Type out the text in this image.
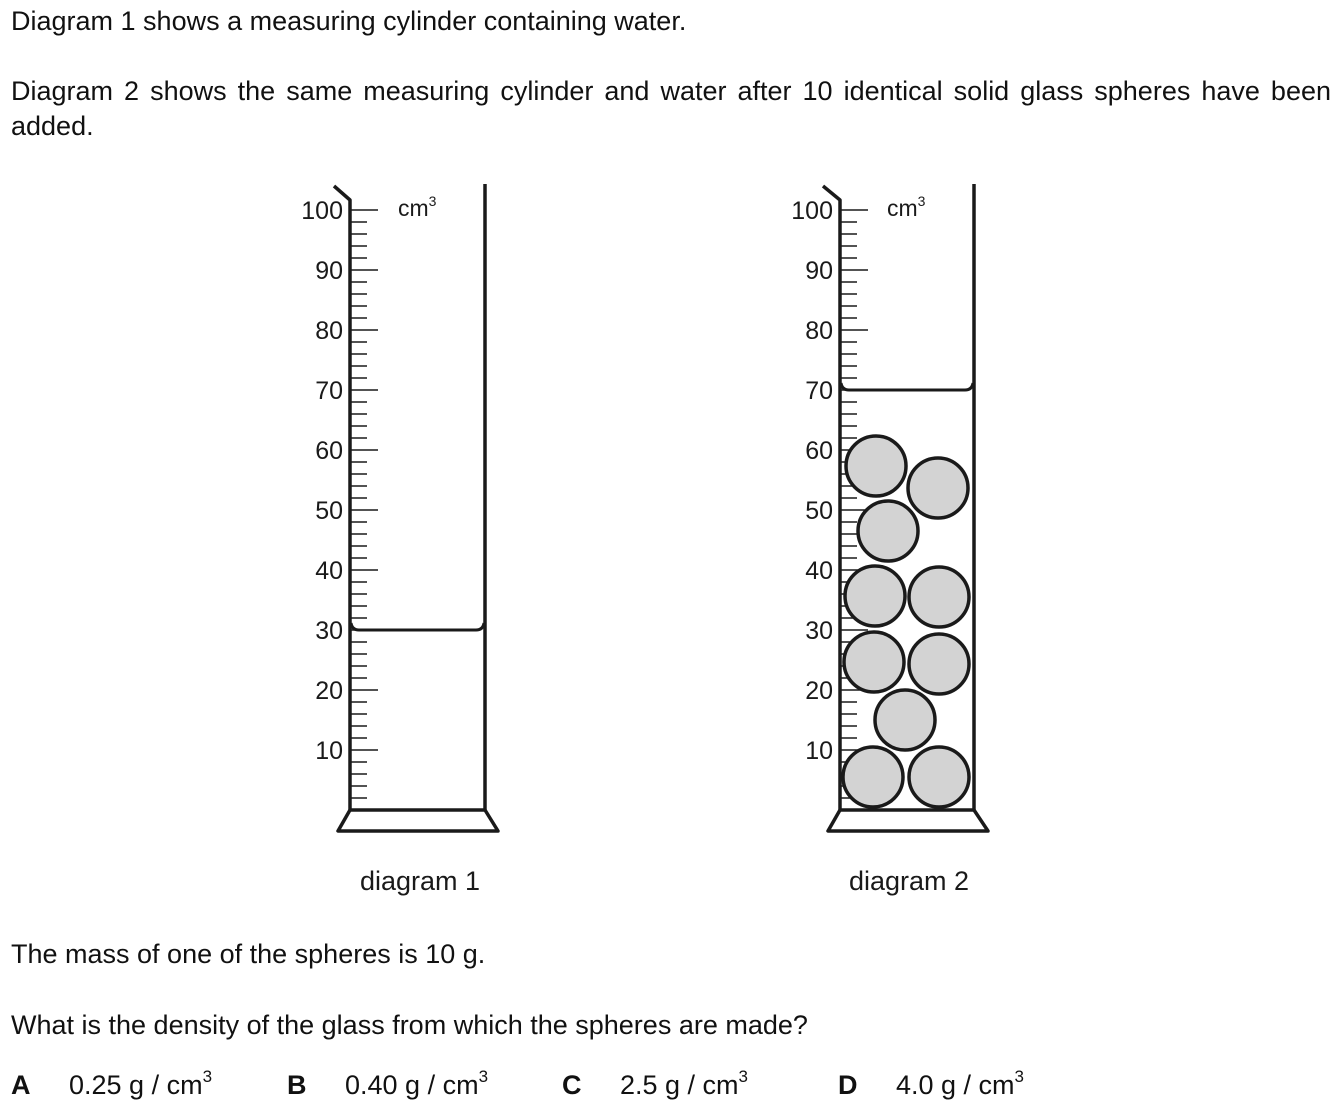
Diagram 1 shows a measuring cylinder containing water.
Diagram 2 shows the same measuring cylinder and water after 10 identical solid glass spheres have been added.
100
90
80
70
60
50
40
30
20
10
$cm^3$
diagram 1
100
90
80
70
60
50
40
30
20
10
$cm^3$
diagram 2
The mass of one of the spheres is 10 g.
What is the density of the glass from which the spheres are made?
A 0.25 g / $cm^3$	B 0.40 g / $cm^3$	C 2.5 g / $cm^3$	D 4.0 g / $cm^3$
